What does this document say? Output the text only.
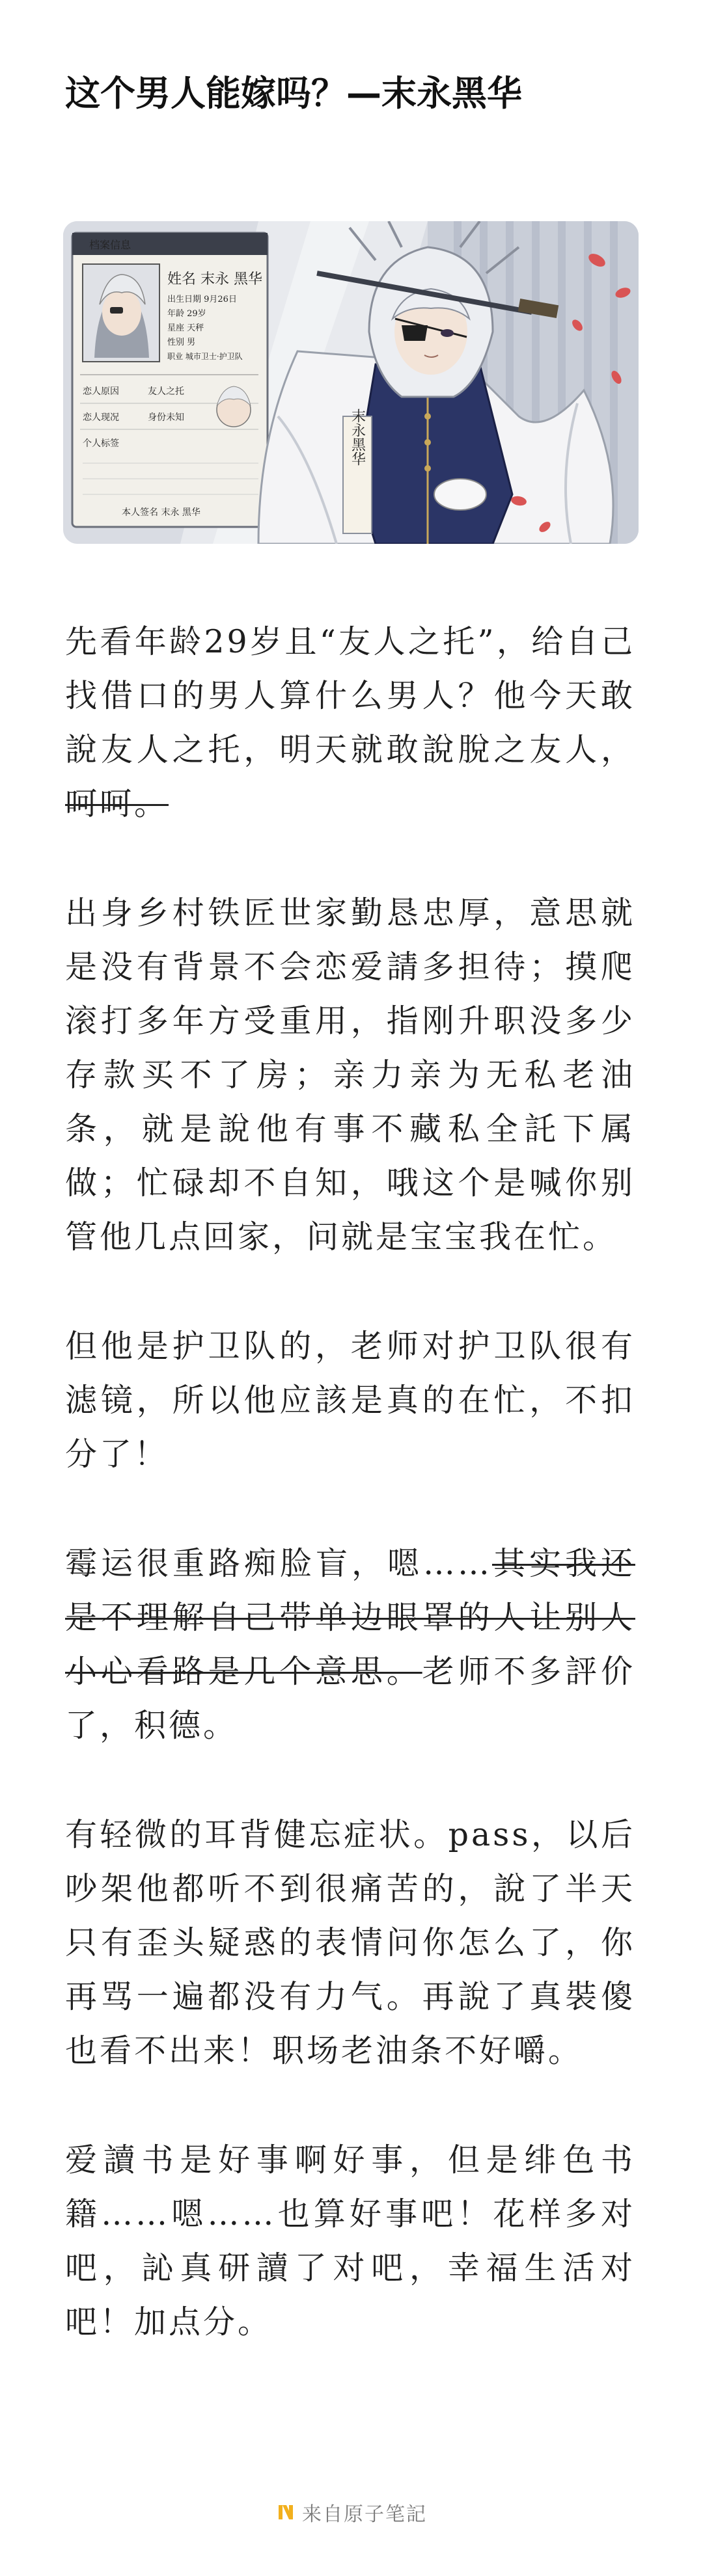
这个男人能嫁吗？—末永黑华
档案信息
姓名 末永 黑华
出生日期 9月26日
年龄 29岁
星座 天秤
性别 男
职业 城市卫士·护卫队
恋人原因	友人之托
恋人现况	身份未知
个人标签
本人签名 末永 黑华
末永黑华

先看年龄29岁且“友人之托”，给自己找借口的男人算什么男人？他今天敢說友人之托，明天就敢說脫之友人，呵呵。

出身乡村铁匠世家勤恳忠厚，意思就是没有背景不会恋爱請多担待；摸爬滚打多年方受重用，指刚升职没多少存款买不了房；亲力亲为无私老油条，就是說他有事不藏私全託下属做；忙碌却不自知，哦这个是喊你别管他几点回家，问就是宝宝我在忙。

但他是护卫队的，老师对护卫队很有滤镜，所以他应該是真的在忙，不扣分了！

霉运很重路痴脸盲，嗯……其实我还是不理解自己带单边眼罩的人让别人小心看路是几个意思。老师不多評价了，积德。

有轻微的耳背健忘症状。pass，以后吵架他都听不到很痛苦的，說了半天只有歪头疑惑的表情问你怎么了，你再骂一遍都没有力气。再說了真裝傻也看不出来！职场老油条不好嚼。

爱讀书是好事啊好事，但是绯色书籍……嗯……也算好事吧！花样多对吧，訫真研讀了对吧，幸福生活对吧！加点分。

来自原子笔記
